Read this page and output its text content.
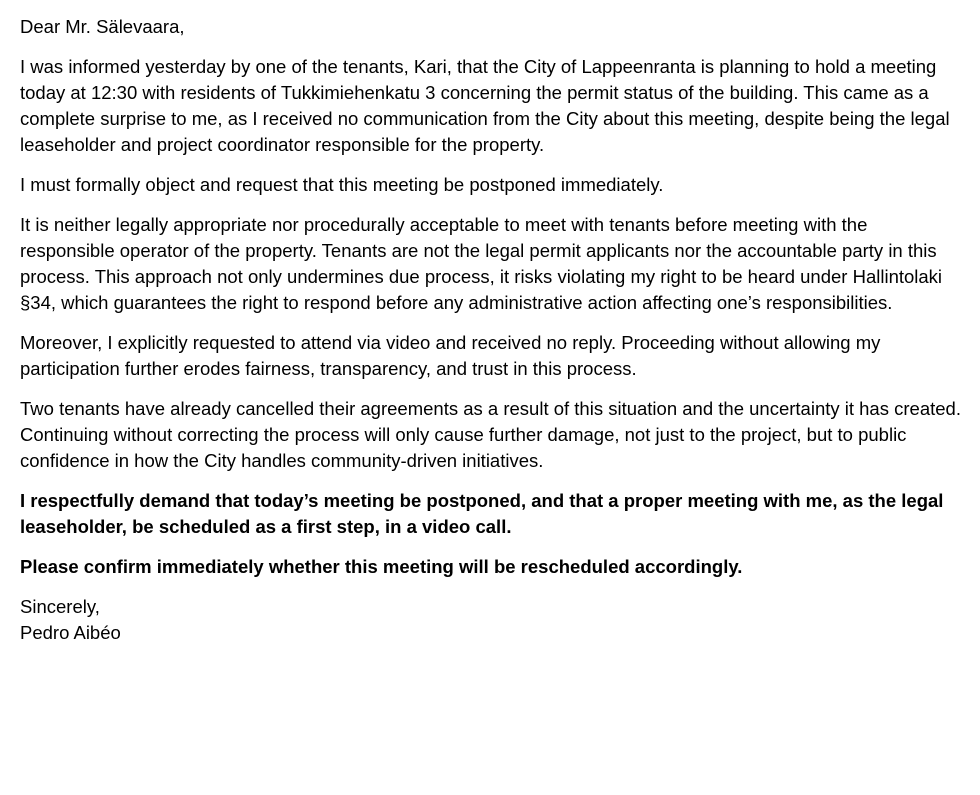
Dear Mr. Sälevaara,

I was informed yesterday by one of the tenants, Kari, that the City of Lappeenranta is planning to hold a meeting today at 12:30 with residents of Tukkimiehenkatu 3 concerning the permit status of the building. This came as a complete surprise to me, as I received no communication from the City about this meeting, despite being the legal leaseholder and project coordinator responsible for the property.

I must formally object and request that this meeting be postponed immediately.

It is neither legally appropriate nor procedurally acceptable to meet with tenants before meeting with the responsible operator of the property. Tenants are not the legal permit applicants nor the accountable party in this process. This approach not only undermines due process, it risks violating my right to be heard under Hallintolaki §34, which guarantees the right to respond before any administrative action affecting one’s responsibilities.

Moreover, I explicitly requested to attend via video and received no reply. Proceeding without allowing my participation further erodes fairness, transparency, and trust in this process.

Two tenants have already cancelled their agreements as a result of this situation and the uncertainty it has created. Continuing without correcting the process will only cause further damage, not just to the project, but to public confidence in how the City handles community-driven initiatives.

I respectfully demand that today’s meeting be postponed, and that a proper meeting with me, as the legal leaseholder, be scheduled as a first step, in a video call.

Please confirm immediately whether this meeting will be rescheduled accordingly.

Sincerely,
Pedro Aibéo
